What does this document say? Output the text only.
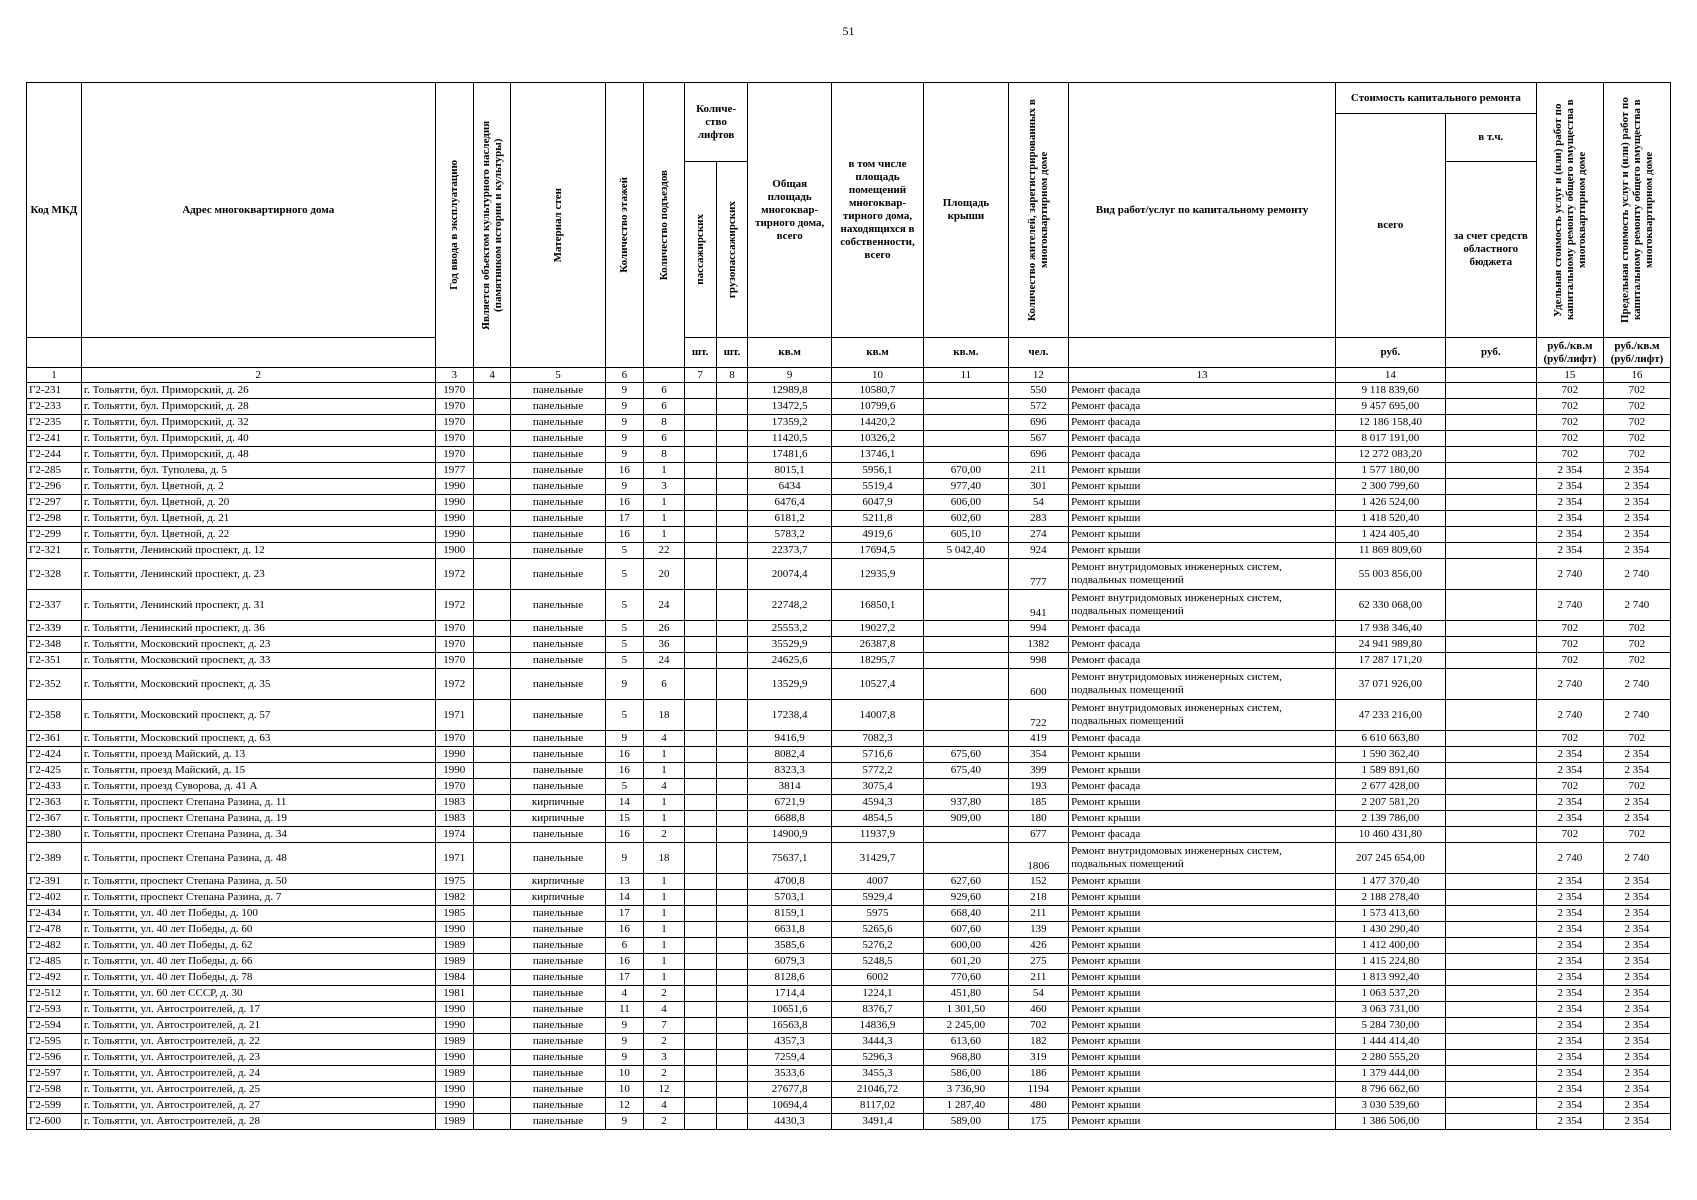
51
Код МКД	Адрес многоквартирного дома	Год ввода в эксплуатацию	Является объектом культурного наследия (памятником истории и культуры)	Материал стен	Количество этажей	Количество подъездов	Количе-ство лифтов		Общая площадь многоквар-тирного дома, всего	в том числе площадь помещений многоквар-тирного дома, находящихся в собственности, всего	Площадь крыши	Количество жителей, зарегистрированных в многоквартирном доме	Вид работ/услуг по капитальному ремонту	Стоимость капитального ремонта		Удельная стоимость услуг и (или) работ по капитальному ремонту общего имущества в многоквартирном доме	Предельная стоимость услуг и (или) работ по капитальному ремонту общего имущества в многоквартирном доме

														всего	в т.ч.		

							пассажирских	грузопассажирских							за счет средств областного бюджета		
							шт.	шт.	кв.м	кв.м	кв.м.	чел.		руб.	руб.	руб./кв.м (руб/лифт)	руб./кв.м (руб/лифт)
1	2	3	4	5	6		7	8	9	10	11	12	13	14		15	16
Г2-231	г. Тольятти, бул. Приморский, д. 26	1970		панельные	9	6			12989,8	10580,7		550	Ремонт фасада	9 118 839,60		702	702
Г2-233	г. Тольятти, бул. Приморский, д. 28	1970		панельные	9	6			13472,5	10799,6		572	Ремонт фасада	9 457 695,00		702	702
Г2-235	г. Тольятти, бул. Приморский, д. 32	1970		панельные	9	8			17359,2	14420,2		696	Ремонт фасада	12 186 158,40		702	702
Г2-241	г. Тольятти, бул. Приморский, д. 40	1970		панельные	9	6			11420,5	10326,2		567	Ремонт фасада	8 017 191,00		702	702
Г2-244	г. Тольятти, бул. Приморский, д. 48	1970		панельные	9	8			17481,6	13746,1		696	Ремонт фасада	12 272 083,20		702	702
Г2-285	г. Тольятти, бул. Туполева, д. 5	1977		панельные	16	1			8015,1	5956,1	670,00	211	Ремонт крыши	1 577 180,00		2 354	2 354
Г2-296	г. Тольятти, бул. Цветной, д. 2	1990		панельные	9	3			6434	5519,4	977,40	301	Ремонт крыши	2 300 799,60		2 354	2 354
Г2-297	г. Тольятти, бул. Цветной, д. 20	1990		панельные	16	1			6476,4	6047,9	606,00	54	Ремонт крыши	1 426 524,00		2 354	2 354
Г2-298	г. Тольятти, бул. Цветной, д. 21	1990		панельные	17	1			6181,2	5211,8	602,60	283	Ремонт крыши	1 418 520,40		2 354	2 354
Г2-299	г. Тольятти, бул. Цветной, д. 22	1990		панельные	16	1			5783,2	4919,6	605,10	274	Ремонт крыши	1 424 405,40		2 354	2 354
Г2-321	г. Тольятти, Ленинский проспект, д. 12	1900		панельные	5	22			22373,7	17694,5	5 042,40	924	Ремонт крыши	11 869 809,60		2 354	2 354
Г2-328	г. Тольятти, Ленинский проспект, д. 23	1972		панельные	5	20			20074,4	12935,9		777	Ремонт внутридомовых инженерных систем, подвальных помещений	55 003 856,00		2 740	2 740
Г2-337	г. Тольятти, Ленинский проспект, д. 31	1972		панельные	5	24			22748,2	16850,1		941	Ремонт внутридомовых инженерных систем, подвальных помещений	62 330 068,00		2 740	2 740
Г2-339	г. Тольятти, Ленинский проспект, д. 36	1970		панельные	5	26			25553,2	19027,2		994	Ремонт фасада	17 938 346,40		702	702
Г2-348	г. Тольятти, Московский проспект, д. 23	1970		панельные	5	36			35529,9	26387,8		1382	Ремонт фасада	24 941 989,80		702	702
Г2-351	г. Тольятти, Московский проспект, д. 33	1970		панельные	5	24			24625,6	18295,7		998	Ремонт фасада	17 287 171,20		702	702
Г2-352	г. Тольятти, Московский проспект, д. 35	1972		панельные	9	6			13529,9	10527,4		600	Ремонт внутридомовых инженерных систем, подвальных помещений	37 071 926,00		2 740	2 740
Г2-358	г. Тольятти, Московский проспект, д. 57	1971		панельные	5	18			17238,4	14007,8		722	Ремонт внутридомовых инженерных систем, подвальных помещений	47 233 216,00		2 740	2 740
Г2-361	г. Тольятти, Московский проспект, д. 63	1970		панельные	9	4			9416,9	7082,3		419	Ремонт фасада	6 610 663,80		702	702
Г2-424	г. Тольятти, проезд Майский, д. 13	1990		панельные	16	1			8082,4	5716,6	675,60	354	Ремонт крыши	1 590 362,40		2 354	2 354
Г2-425	г. Тольятти, проезд Майский, д. 15	1990		панельные	16	1			8323,3	5772,2	675,40	399	Ремонт крыши	1 589 891,60		2 354	2 354
Г2-433	г. Тольятти, проезд Суворова, д. 41 А	1970		панельные	5	4			3814	3075,4		193	Ремонт фасада	2 677 428,00		702	702
Г2-363	г. Тольятти, проспект Степана Разина, д. 11	1983		кирпичные	14	1			6721,9	4594,3	937,80	185	Ремонт крыши	2 207 581,20		2 354	2 354
Г2-367	г. Тольятти, проспект Степана Разина, д. 19	1983		кирпичные	15	1			6688,8	4854,5	909,00	180	Ремонт крыши	2 139 786,00		2 354	2 354
Г2-380	г. Тольятти, проспект Степана Разина, д. 34	1974		панельные	16	2			14900,9	11937,9		677	Ремонт фасада	10 460 431,80		702	702
Г2-389	г. Тольятти, проспект Степана Разина, д. 48	1971		панельные	9	18			75637,1	31429,7		1806	Ремонт внутридомовых инженерных систем, подвальных помещений	207 245 654,00		2 740	2 740
Г2-391	г. Тольятти, проспект Степана Разина, д. 50	1975		кирпичные	13	1			4700,8	4007	627,60	152	Ремонт крыши	1 477 370,40		2 354	2 354
Г2-402	г. Тольятти, проспект Степана Разина, д. 7	1982		кирпичные	14	1			5703,1	5929,4	929,60	218	Ремонт крыши	2 188 278,40		2 354	2 354
Г2-434	г. Тольятти, ул. 40 лет Победы, д. 100	1985		панельные	17	1			8159,1	5975	668,40	211	Ремонт крыши	1 573 413,60		2 354	2 354
Г2-478	г. Тольятти, ул. 40 лет Победы, д. 60	1990		панельные	16	1			6631,8	5265,6	607,60	139	Ремонт крыши	1 430 290,40		2 354	2 354
Г2-482	г. Тольятти, ул. 40 лет Победы, д. 62	1989		панельные	6	1			3585,6	5276,2	600,00	426	Ремонт крыши	1 412 400,00		2 354	2 354
Г2-485	г. Тольятти, ул. 40 лет Победы, д. 66	1989		панельные	16	1			6079,3	5248,5	601,20	275	Ремонт крыши	1 415 224,80		2 354	2 354
Г2-492	г. Тольятти, ул. 40 лет Победы, д. 78	1984		панельные	17	1			8128,6	6002	770,60	211	Ремонт крыши	1 813 992,40		2 354	2 354
Г2-512	г. Тольятти, ул. 60 лет СССР, д. 30	1981		панельные	4	2			1714,4	1224,1	451,80	54	Ремонт крыши	1 063 537,20		2 354	2 354
Г2-593	г. Тольятти, ул. Автостроителей, д. 17	1990		панельные	11	4			10651,6	8376,7	1 301,50	460	Ремонт крыши	3 063 731,00		2 354	2 354
Г2-594	г. Тольятти, ул. Автостроителей, д. 21	1990		панельные	9	7			16563,8	14836,9	2 245,00	702	Ремонт крыши	5 284 730,00		2 354	2 354
Г2-595	г. Тольятти, ул. Автостроителей, д. 22	1989		панельные	9	2			4357,3	3444,3	613,60	182	Ремонт крыши	1 444 414,40		2 354	2 354
Г2-596	г. Тольятти, ул. Автостроителей, д. 23	1990		панельные	9	3			7259,4	5296,3	968,80	319	Ремонт крыши	2 280 555,20		2 354	2 354
Г2-597	г. Тольятти, ул. Автостроителей, д. 24	1989		панельные	10	2			3533,6	3455,3	586,00	186	Ремонт крыши	1 379 444,00		2 354	2 354
Г2-598	г. Тольятти, ул. Автостроителей, д. 25	1990		панельные	10	12			27677,8	21046,72	3 736,90	1194	Ремонт крыши	8 796 662,60		2 354	2 354
Г2-599	г. Тольятти, ул. Автостроителей, д. 27	1990		панельные	12	4			10694,4	8117,02	1 287,40	480	Ремонт крыши	3 030 539,60		2 354	2 354
Г2-600	г. Тольятти, ул. Автостроителей, д. 28	1989		панельные	9	2			4430,3	3491,4	589,00	175	Ремонт крыши	1 386 506,00		2 354	2 354
